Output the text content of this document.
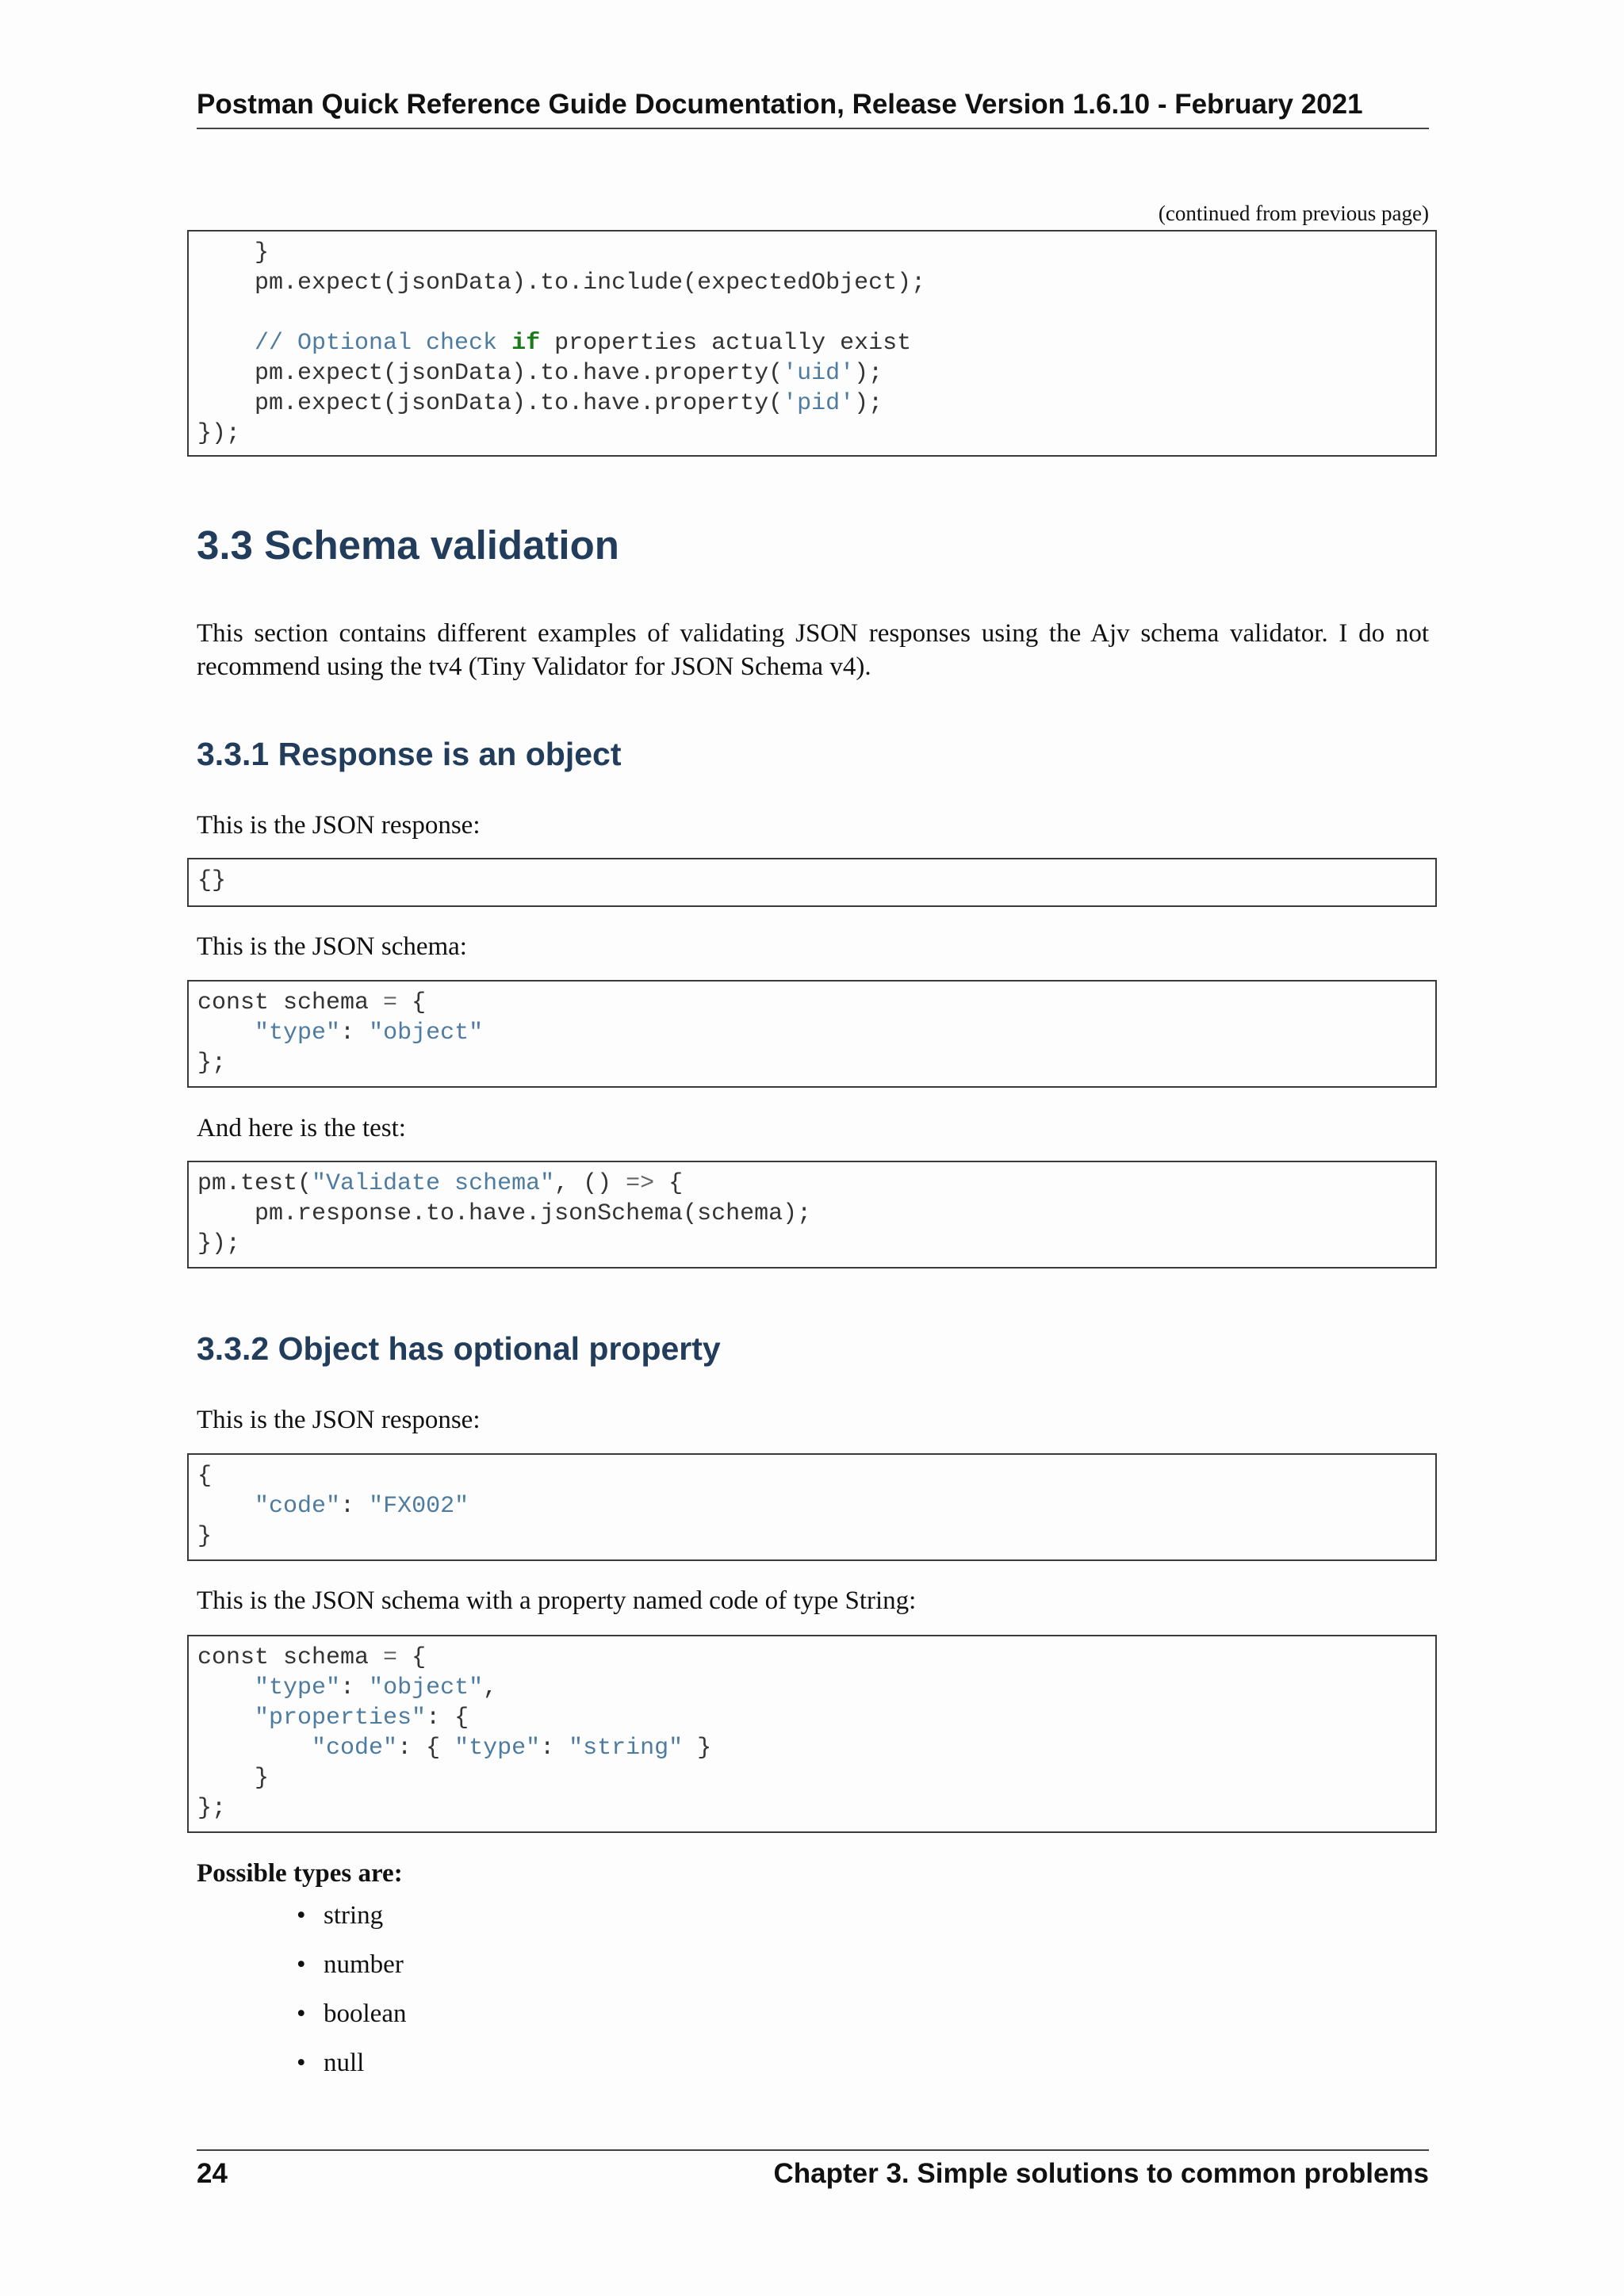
Postman Quick Reference Guide Documentation, Release Version 1.6.10 - February 2021

(continued from previous page)

}
pm.expect(jsonData).to.include(expectedObject);

// Optional check if properties actually exist
pm.expect(jsonData).to.have.property('uid');
pm.expect(jsonData).to.have.property('pid');
});
3.3 Schema validation

This section contains different examples of validating JSON responses using the Ajv schema validator. I do not recommend using the tv4 (Tiny Validator for JSON Schema v4).

3.3.1 Response is an object

This is the JSON response:

{}

This is the JSON schema:

const schema = {
"type": "object"
};

And here is the test:

pm.test("Validate schema", () => {
pm.response.to.have.jsonSchema(schema);
});
3.3.2 Object has optional property

This is the JSON response:

{
"code": "FX002"
}

This is the JSON schema with a property named code of type String:

const schema = {
"type": "object",
"properties": {
"code": { "type": "string" }
}
};

Possible types are:

• string
• number
• boolean
• null

24	Chapter 3. Simple solutions to common problems
